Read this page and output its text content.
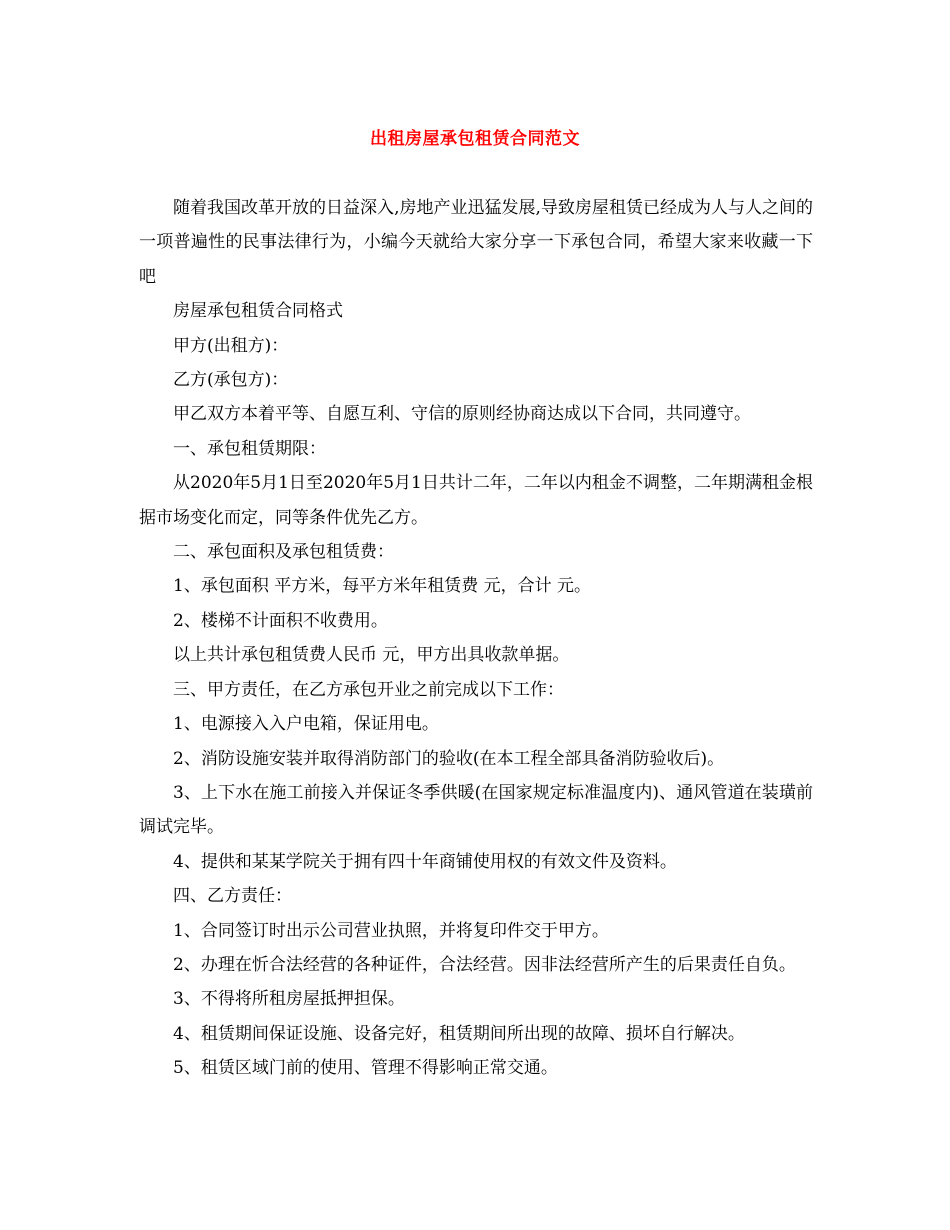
出租房屋承包租赁合同范文

随着我国改革开放的日益深入,房地产业迅猛发展,导致房屋租赁已经成为人与人之间的一项普遍性的民事法律行为，小编今天就给大家分享一下承包合同，希望大家来收藏一下吧

房屋承包租赁合同格式

甲方(出租方)：

乙方(承包方)：

甲乙双方本着平等、自愿互利、守信的原则经协商达成以下合同，共同遵守。

一、承包租赁期限：

从2020年5月1日至2020年5月1日共计二年，二年以内租金不调整，二年期满租金根据市场变化而定，同等条件优先乙方。

二、承包面积及承包租赁费：

1、承包面积 平方米，每平方米年租赁费 元，合计 元。

2、楼梯不计面积不收费用。

以上共计承包租赁费人民币 元，甲方出具收款单据。

三、甲方责任，在乙方承包开业之前完成以下工作：

1、电源接入入户电箱，保证用电。

2、消防设施安装并取得消防部门的验收(在本工程全部具备消防验收后)。

3、上下水在施工前接入并保证冬季供暖(在国家规定标准温度内)、通风管道在装璜前调试完毕。

4、提供和某某学院关于拥有四十年商铺使用权的有效文件及资料。

四、乙方责任：

1、合同签订时出示公司营业执照，并将复印件交于甲方。

2、办理在忻合法经营的各种证件，合法经营。因非法经营所产生的后果责任自负。

3、不得将所租房屋抵押担保。

4、租赁期间保证设施、设备完好，租赁期间所出现的故障、损坏自行解决。

5、租赁区域门前的使用、管理不得影响正常交通。
